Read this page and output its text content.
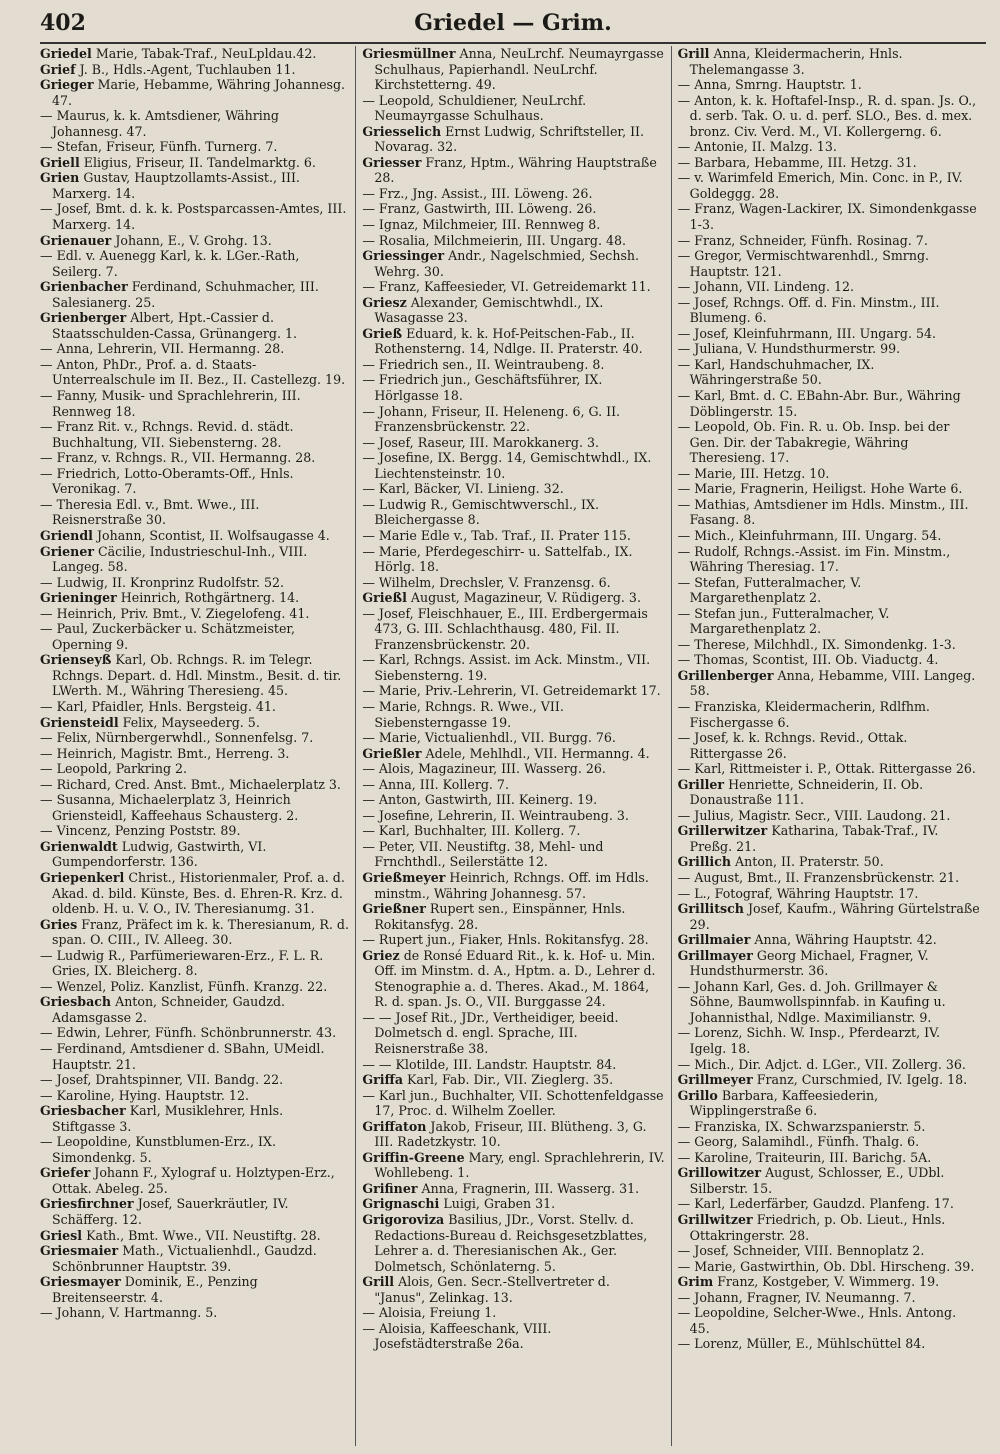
402	Griedel — Grim.
Griedel Marie, Tabak-Traf., NeuLpldau.42.
Grief J. B., Hdls.-Agent, Tuchlauben 11.
Grieger Marie, Hebamme, Währing Johannesg. 47.
— Maurus, k. k. Amtsdiener, Währing Johannesg. 47.
— Stefan, Friseur, Fünfh. Turnerg. 7.
Griell Eligius, Friseur, II. Tandelmarktg. 6.
Grien Gustav, Hauptzollamts-Assist., III. Marxerg. 14.
— Josef, Bmt. d. k. k. Postsparcassen-Amtes, III. Marxerg. 14.
Grienauer Johann, E., V. Grohg. 13.
— Edl. v. Auenegg Karl, k. k. LGer.-Rath, Seilerg. 7.
Grienbacher Ferdinand, Schuhmacher, III. Salesianerg. 25.
Grienberger Albert, Hpt.-Cassier d. Staatsschulden-Cassa, Grünangerg. 1.
— Anna, Lehrerin, VII. Hermanng. 28.
— Anton, PhDr., Prof. a. d. Staats-Unterrealschule im II. Bez., II. Castellezg. 19.
— Fanny, Musik- und Sprachlehrerin, III. Rennweg 18.
— Franz Rit. v., Rchngs. Revid. d. städt. Buchhaltung, VII. Siebensterng. 28.
— Franz, v. Rchngs. R., VII. Hermanng. 28.
— Friedrich, Lotto-Oberamts-Off., Hnls. Veronikag. 7.
— Theresia Edl. v., Bmt. Wwe., III. Reisnerstraße 30.
Griendl Johann, Scontist, II. Wolfsaugasse 4.
Griener Cäcilie, Industrieschul-Inh., VIII. Langeg. 58.
— Ludwig, II. Kronprinz Rudolfstr. 52.
Grieninger Heinrich, Rothgärtnerg. 14.
— Heinrich, Priv. Bmt., V. Ziegelofeng. 41.
— Paul, Zuckerbäcker u. Schätzmeister, Operning 9.
Grienseyß Karl, Ob. Rchngs. R. im Telegr. Rchngs. Depart. d. Hdl. Minstm., Besit. d. tir. LWerth. M., Währing Theresieng. 45.
— Karl, Pfaidler, Hnls. Bergsteig. 41.
Griensteidl Felix, Mayseederg. 5.
— Felix, Nürnbergerwhdl., Sonnenfelsg. 7.
— Heinrich, Magistr. Bmt., Herreng. 3.
— Leopold, Parkring 2.
— Richard, Cred. Anst. Bmt., Michaelerplatz 3.
— Susanna, Michaelerplatz 3, Heinrich Griensteidl, Kaffeehaus Schausterg. 2.
— Vincenz, Penzing Poststr. 89.
Grienwaldt Ludwig, Gastwirth, VI. Gumpendorferstr. 136.
Griepenkerl Christ., Historienmaler, Prof. a. d. Akad. d. bild. Künste, Bes. d. Ehren-R. Krz. d. oldenb. H. u. V. O., IV. Theresianumg. 31.
Gries Franz, Präfect im k. k. Theresianum, R. d. span. O. CIII., IV. Alleeg. 30.
— Ludwig R., Parfümeriewaren-Erz., F. L. R. Gries, IX. Bleicherg. 8.
— Wenzel, Poliz. Kanzlist, Fünfh. Kranzg. 22.
Griesbach Anton, Schneider, Gaudzd. Adamsgasse 2.
— Edwin, Lehrer, Fünfh. Schönbrunnerstr. 43.
— Ferdinand, Amtsdiener d. SBahn, UMeidl. Hauptstr. 21.
— Josef, Drahtspinner, VII. Bandg. 22.
— Karoline, Hying. Hauptstr. 12.
Griesbacher Karl, Musiklehrer, Hnls. Stiftgasse 3.
— Leopoldine, Kunstblumen-Erz., IX. Simondenkg. 5.
Griefer Johann F., Xylograf u. Holztypen-Erz., Ottak. Abeleg. 25.
Griesfirchner Josef, Sauerkräutler, IV. Schäfferg. 12.
Griesl Kath., Bmt. Wwe., VII. Neustiftg. 28.
Griesmaier Math., Victualienhdl., Gaudzd. Schönbrunner Hauptstr. 39.
Griesmayer Dominik, E., Penzing Breitenseerstr. 4.
— Johann, V. Hartmanng. 5.
Griesmüllner Anna, NeuLrchf. Neumayrgasse Schulhaus, Papierhandl. NeuLrchf. Kirchstetterng. 49.
— Leopold, Schuldiener, NeuLrchf. Neumayrgasse Schulhaus.
Griesselich Ernst Ludwig, Schriftsteller, II. Novarag. 32.
Griesser Franz, Hptm., Währing Hauptstraße 28.
— Frz., Jng. Assist., III. Löweng. 26.
— Franz, Gastwirth, III. Löweng. 26.
— Ignaz, Milchmeier, III. Rennweg 8.
— Rosalia, Milchmeierin, III. Ungarg. 48.
Griessinger Andr., Nagelschmied, Sechsh. Wehrg. 30.
— Franz, Kaffeesieder, VI. Getreidemarkt 11.
Griesz Alexander, Gemischtwhdl., IX. Wasagasse 23.
Grieß Eduard, k. k. Hof-Peitschen-Fab., II. Rothensterng. 14, Ndlge. II. Praterstr. 40.
— Friedrich sen., II. Weintraubeng. 8.
— Friedrich jun., Geschäftsführer, IX. Hörlgasse 18.
— Johann, Friseur, II. Heleneng. 6, G. II. Franzensbrückenstr. 22.
— Josef, Raseur, III. Marokkanerg. 3.
— Josefine, IX. Bergg. 14, Gemischtwhdl., IX. Liechtensteinstr. 10.
— Karl, Bäcker, VI. Linieng. 32.
— Ludwig R., Gemischtwverschl., IX. Bleichergasse 8.
— Marie Edle v., Tab. Traf., II. Prater 115.
— Marie, Pferdegeschirr- u. Sattelfab., IX. Hörlg. 18.
— Wilhelm, Drechsler, V. Franzensg. 6.
Grießl August, Magazineur, V. Rüdigerg. 3.
— Josef, Fleischhauer, E., III. Erdbergermais 473, G. III. Schlachthausg. 480, Fil. II. Franzensbrückenstr. 20.
— Karl, Rchngs. Assist. im Ack. Minstm., VII. Siebensterng. 19.
— Marie, Priv.-Lehrerin, VI. Getreidemarkt 17.
— Marie, Rchngs. R. Wwe., VII. Siebensterngasse 19.
— Marie, Victualienhdl., VII. Burgg. 76.
Grießler Adele, Mehlhdl., VII. Hermanng. 4.
— Alois, Magazineur, III. Wasserg. 26.
— Anna, III. Kollerg. 7.
— Anton, Gastwirth, III. Keinerg. 19.
— Josefine, Lehrerin, II. Weintraubeng. 3.
— Karl, Buchhalter, III. Kollerg. 7.
— Peter, VII. Neustiftg. 38, Mehl- und Frnchthdl., Seilerstätte 12.
Grießmeyer Heinrich, Rchngs. Off. im Hdls. minstm., Währing Johannesg. 57.
Grießner Rupert sen., Einspänner, Hnls. Rokitansfyg. 28.
— Rupert jun., Fiaker, Hnls. Rokitansfyg. 28.
Griez de Ronsé Eduard Rit., k. k. Hof- u. Min. Off. im Minstm. d. A., Hptm. a. D., Lehrer d. Stenographie a. d. Theres. Akad., M. 1864, R. d. span. Js. O., VII. Burggasse 24.
— — Josef Rit., JDr., Vertheidiger, beeid. Dolmetsch d. engl. Sprache, III. Reisnerstraße 38.
— — Klotilde, III. Landstr. Hauptstr. 84.
Griffa Karl, Fab. Dir., VII. Zieglerg. 35.
— Karl jun., Buchhalter, VII. Schottenfeldgasse 17, Proc. d. Wilhelm Zoeller.
Griffaton Jakob, Friseur, III. Blütheng. 3, G. III. Radetzkystr. 10.
Griffin-Greene Mary, engl. Sprachlehrerin, IV. Wohllebeng. 1.
Grifiner Anna, Fragnerin, III. Wasserg. 31.
Grignaschi Luigi, Graben 31.
Grigoroviza Basilius, JDr., Vorst. Stellv. d. Redactions-Bureau d. Reichsgesetzblattes, Lehrer a. d. Theresianischen Ak., Ger. Dolmetsch, Schönlaterng. 5.
Grill Alois, Gen. Secr.-Stellvertreter d. "Janus", Zelinkag. 13.
— Aloisia, Freiung 1.
— Aloisia, Kaffeeschank, VIII. Josefstädterstraße 26a.
Grill Anna, Kleidermacherin, Hnls. Thelemangasse 3.
— Anna, Smrng. Hauptstr. 1.
— Anton, k. k. Hoftafel-Insp., R. d. span. Js. O., d. serb. Tak. O. u. d. perf. SLO., Bes. d. mex. bronz. Civ. Verd. M., VI. Kollergerng. 6.
— Antonie, II. Malzg. 13.
— Barbara, Hebamme, III. Hetzg. 31.
— v. Warimfeld Emerich, Min. Conc. in P., IV. Goldeggg. 28.
— Franz, Wagen-Lackirer, IX. Simondenkgasse 1-3.
— Franz, Schneider, Fünfh. Rosinag. 7.
— Gregor, Vermischtwarenhdl., Smrng. Hauptstr. 121.
— Johann, VII. Lindeng. 12.
— Josef, Rchngs. Off. d. Fin. Minstm., III. Blumeng. 6.
— Josef, Kleinfuhrmann, III. Ungarg. 54.
— Juliana, V. Hundsthurmerstr. 99.
— Karl, Handschuhmacher, IX. Währingerstraße 50.
— Karl, Bmt. d. C. EBahn-Abr. Bur., Währing Döblingerstr. 15.
— Leopold, Ob. Fin. R. u. Ob. Insp. bei der Gen. Dir. der Tabakregie, Währing Theresieng. 17.
— Marie, III. Hetzg. 10.
— Marie, Fragnerin, Heiligst. Hohe Warte 6.
— Mathias, Amtsdiener im Hdls. Minstm., III. Fasang. 8.
— Mich., Kleinfuhrmann, III. Ungarg. 54.
— Rudolf, Rchngs.-Assist. im Fin. Minstm., Währing Theresiag. 17.
— Stefan, Futteralmacher, V. Margarethenplatz 2.
— Stefan jun., Futteralmacher, V. Margarethenplatz 2.
— Therese, Milchhdl., IX. Simondenkg. 1-3.
— Thomas, Scontist, III. Ob. Viaductg. 4.
Grillenberger Anna, Hebamme, VIII. Langeg. 58.
— Franziska, Kleidermacherin, Rdlfhm. Fischergasse 6.
— Josef, k. k. Rchngs. Revid., Ottak. Rittergasse 26.
— Karl, Rittmeister i. P., Ottak. Rittergasse 26.
Griller Henriette, Schneiderin, II. Ob. Donaustraße 111.
— Julius, Magistr. Secr., VIII. Laudong. 21.
Grillerwitzer Katharina, Tabak-Traf., IV. Preßg. 21.
Grillich Anton, II. Praterstr. 50.
— August, Bmt., II. Franzensbrückenstr. 21.
— L., Fotograf, Währing Hauptstr. 17.
Grillitsch Josef, Kaufm., Währing Gürtelstraße 29.
Grillmaier Anna, Währing Hauptstr. 42.
Grillmayer Georg Michael, Fragner, V. Hundsthurmerstr. 36.
— Johann Karl, Ges. d. Joh. Grillmayer & Söhne, Baumwollspinnfab. in Kaufing u. Johannisthal, Ndlge. Maximilianstr. 9.
— Lorenz, Sichh. W. Insp., Pferdearzt, IV. Igelg. 18.
— Mich., Dir. Adjct. d. LGer., VII. Zollerg. 36.
Grillmeyer Franz, Curschmied, IV. Igelg. 18.
Grillo Barbara, Kaffeesiederin, Wipplingerstraße 6.
— Franziska, IX. Schwarzspanierstr. 5.
— Georg, Salamihdl., Fünfh. Thalg. 6.
— Karoline, Traiteurin, III. Barichg. 5A.
Grillowitzer August, Schlosser, E., UDbl. Silberstr. 15.
— Karl, Lederfärber, Gaudzd. Planfeng. 17.
Grillwitzer Friedrich, p. Ob. Lieut., Hnls. Ottakringerstr. 28.
— Josef, Schneider, VIII. Bennoplatz 2.
— Marie, Gastwirthin, Ob. Dbl. Hirscheng. 39.
Grim Franz, Kostgeber, V. Wimmerg. 19.
— Johann, Fragner, IV. Neumanng. 7.
— Leopoldine, Selcher-Wwe., Hnls. Antong. 45.
— Lorenz, Müller, E., Mühlschüttel 84.
